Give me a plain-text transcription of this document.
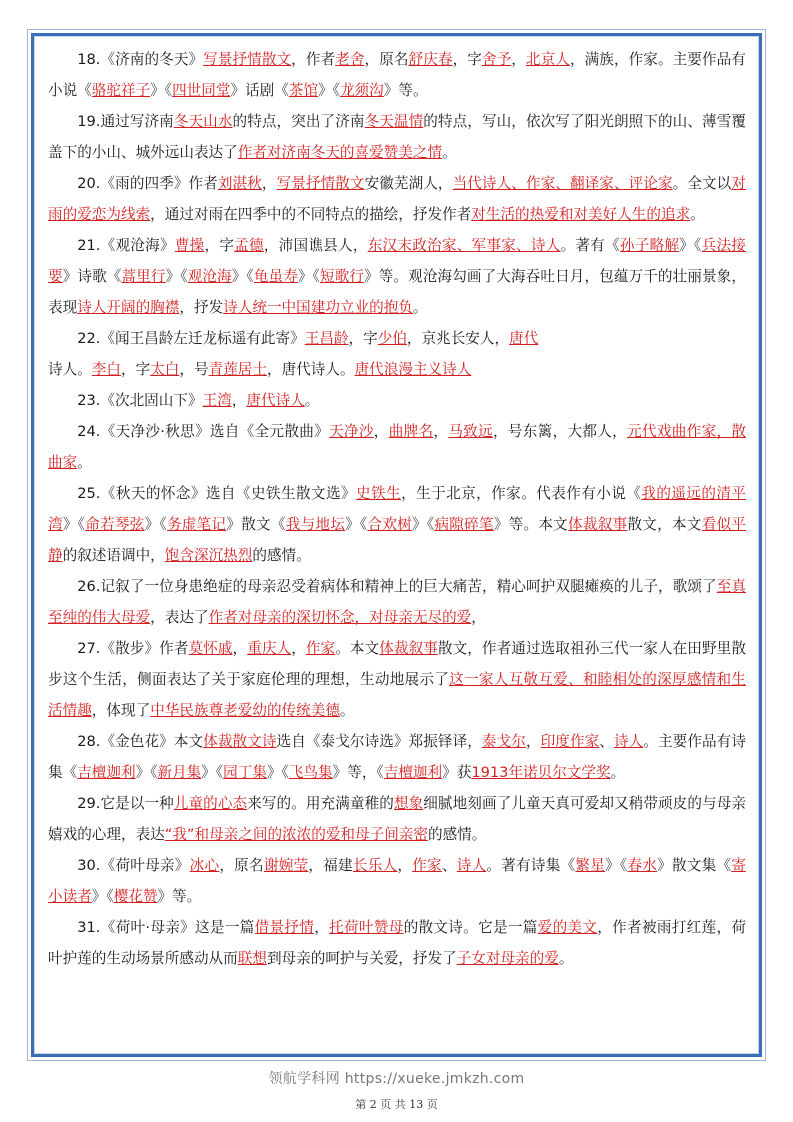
18.《济南的冬天》写景抒情散文，作者老舍，原名舒庆春，字舍予，北京人，满族，作家。主要作品有小说《骆驼祥子》《四世同堂》话剧《茶馆》《龙须沟》等。

19.通过写济南冬天山水的特点，突出了济南冬天温情的特点，写山，依次写了阳光朗照下的山、薄雪覆盖下的小山、城外远山表达了作者对济南冬天的喜爱赞美之情。

20.《雨的四季》作者刘湛秋，写景抒情散文安徽芜湖人，当代诗人、作家、翻译家、评论家。全文以对雨的爱恋为线索，通过对雨在四季中的不同特点的描绘，抒发作者对生活的热爱和对美好人生的追求。

21.《观沧海》曹操，字孟德，沛国谯县人，东汉末政治家、军事家、诗人。著有《孙子略解》《兵法接要》诗歌《蒿里行》《观沧海》《龟虽寿》《短歌行》等。观沧海勾画了大海吞吐日月，包蕴万千的壮丽景象，表现诗人开阔的胸襟，抒发诗人统一中国建功立业的抱负。

22.《闻王昌龄左迁龙标遥有此寄》王昌龄，字少伯，京兆长安人，唐代

诗人。李白，字太白，号青莲居士，唐代诗人。唐代浪漫主义诗人

23.《次北固山下》王湾，唐代诗人。

24.《天净沙·秋思》选自《全元散曲》天净沙，曲牌名，马致远，号东篱，大都人，元代戏曲作家，散曲家。

25.《秋天的怀念》选自《史铁生散文选》史铁生，生于北京，作家。代表作有小说《我的遥远的清平湾》《命若琴弦》《务虚笔记》散文《我与地坛》《合欢树》《病隙碎笔》等。本文体裁叙事散文，本文看似平静的叙述语调中，饱含深沉热烈的感情。

26.记叙了一位身患绝症的母亲忍受着病体和精神上的巨大痛苦，精心呵护双腿瘫痪的儿子，歌颂了至真至纯的伟大母爱，表达了作者对母亲的深切怀念，对母亲无尽的爱，

27.《散步》作者莫怀戚，重庆人，作家。本文体裁叙事散文，作者通过选取祖孙三代一家人在田野里散步这个生活，侧面表达了关于家庭伦理的理想，生动地展示了这一家人互敬互爱、和睦相处的深厚感情和生活情趣，体现了中华民族尊老爱幼的传统美德。

28.《金色花》本文体裁散文诗选自《泰戈尔诗选》郑振铎译，泰戈尔，印度作家、诗人。主要作品有诗集《吉檀迦利》《新月集》《园丁集》《飞鸟集》等，《吉檀迦利》获1913年诺贝尔文学奖。

29.它是以一种儿童的心态来写的。用充满童稚的想象细腻地刻画了儿童天真可爱却又稍带顽皮的与母亲嬉戏的心理，表达“我”和母亲之间的浓浓的爱和母子间亲密的感情。

30.《荷叶母亲》冰心，原名谢婉莹，福建长乐人，作家、诗人。著有诗集《繁星》《春水》散文集《寄小读者》《樱花赞》等。

31.《荷叶·母亲》这是一篇借景抒情，托荷叶赞母的散文诗。它是一篇爱的美文，作者被雨打红莲，荷叶护莲的生动场景所感动从而联想到母亲的呵护与关爱，抒发了子女对母亲的爱。

领航学科网 https://xueke.jmkzh.com
第 2 页 共 13 页
